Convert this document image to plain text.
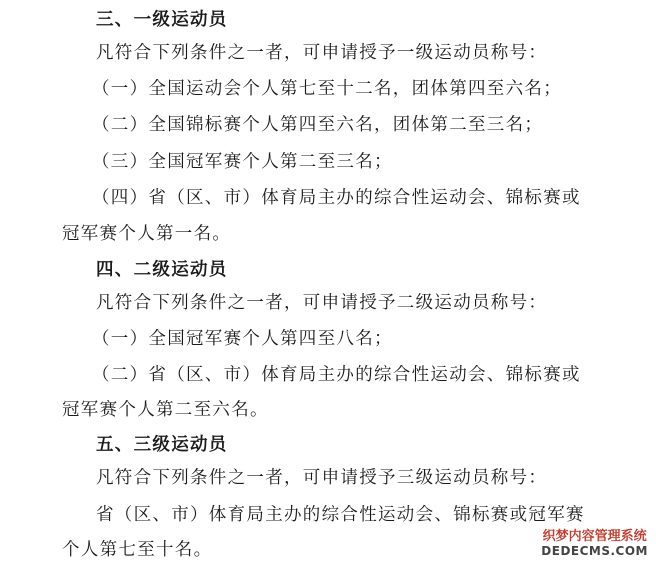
三、一级运动员
凡符合下列条件之一者，可申请授予一级运动员称号：
（一）全国运动会个人第七至十二名，团体第四至六名；
（二）全国锦标赛个人第四至六名，团体第二至三名；
（三）全国冠军赛个人第二至三名；
（四）省（区、市）体育局主办的综合性运动会、锦标赛或
冠军赛个人第一名。
四、二级运动员
凡符合下列条件之一者，可申请授予二级运动员称号：
（一）全国冠军赛个人第四至八名；
（二）省（区、市）体育局主办的综合性运动会、锦标赛或
冠军赛个人第二至六名。
五、三级运动员
凡符合下列条件之一者，可申请授予三级运动员称号：
省（区、市）体育局主办的综合性运动会、锦标赛或冠军赛
个人第七至十名。
织梦内容管理系统
DEDECMS.COM
